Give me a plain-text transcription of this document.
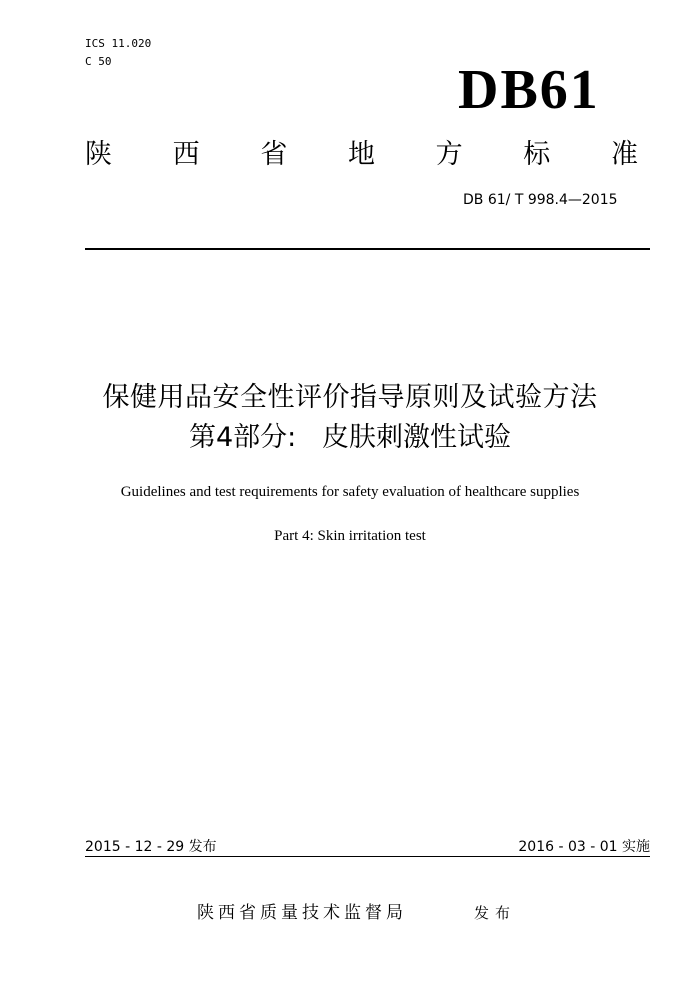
ICS 11.020
C 50	DB61
陕 西 省 地 方 标 准
DB 61/ T 998.4—2015
保健用品安全性评价指导原则及试验方法
第4部分:   皮肤刺激性试验
Guidelines and test requirements for safety evaluation of healthcare supplies
Part 4: Skin irritation test
2015 - 12 - 29 发布	2016 - 03 - 01 实施
陕西省质量技术监督局	发布
